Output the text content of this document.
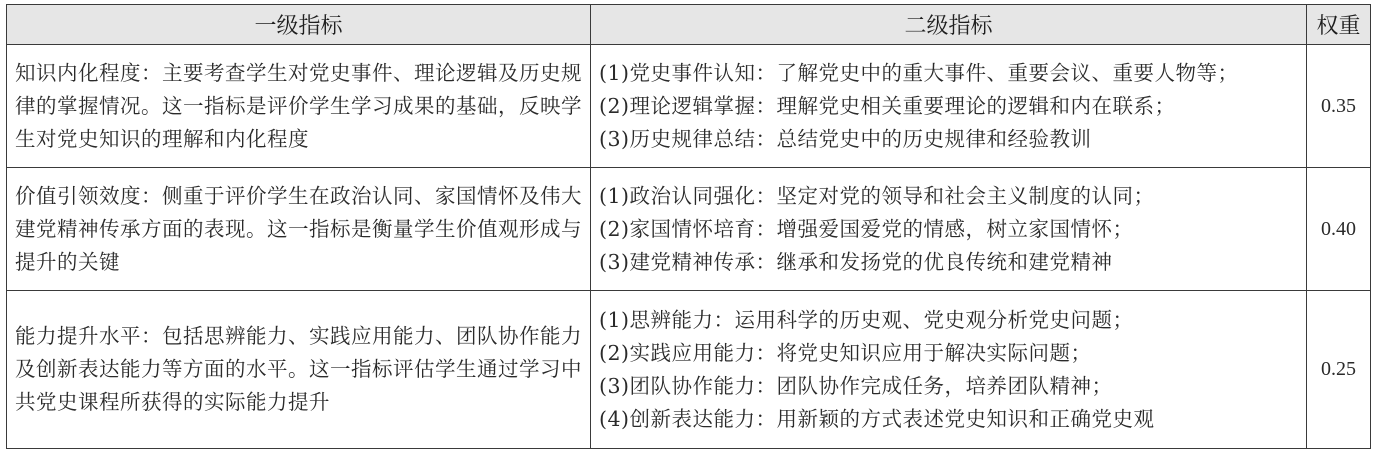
一级指标	二级指标	权重
知识内化程度：主要考查学生对党史事件、理论逻辑及历史规律的掌握情况。这一指标是评价学生学习成果的基础，反映学生对党史知识的理解和内化程度	(1)党史事件认知：了解党史中的重大事件、重要会议、重要人物等；
(2)理论逻辑掌握：理解党史相关重要理论的逻辑和内在联系；
(3)历史规律总结：总结党史中的历史规律和经验教训	0.35
价值引领效度：侧重于评价学生在政治认同、家国情怀及伟大建党精神传承方面的表现。这一指标是衡量学生价值观形成与提升的关键	(1)政治认同强化：坚定对党的领导和社会主义制度的认同；
(2)家国情怀培育：增强爱国爱党的情感，树立家国情怀；
(3)建党精神传承：继承和发扬党的优良传统和建党精神	0.40
能力提升水平：包括思辨能力、实践应用能力、团队协作能力及创新表达能力等方面的水平。这一指标评估学生通过学习中共党史课程所获得的实际能力提升	(1)思辨能力：运用科学的历史观、党史观分析党史问题；
(2)实践应用能力：将党史知识应用于解决实际问题；
(3)团队协作能力：团队协作完成任务，培养团队精神；
(4)创新表达能力：用新颖的方式表述党史知识和正确党史观	0.25
